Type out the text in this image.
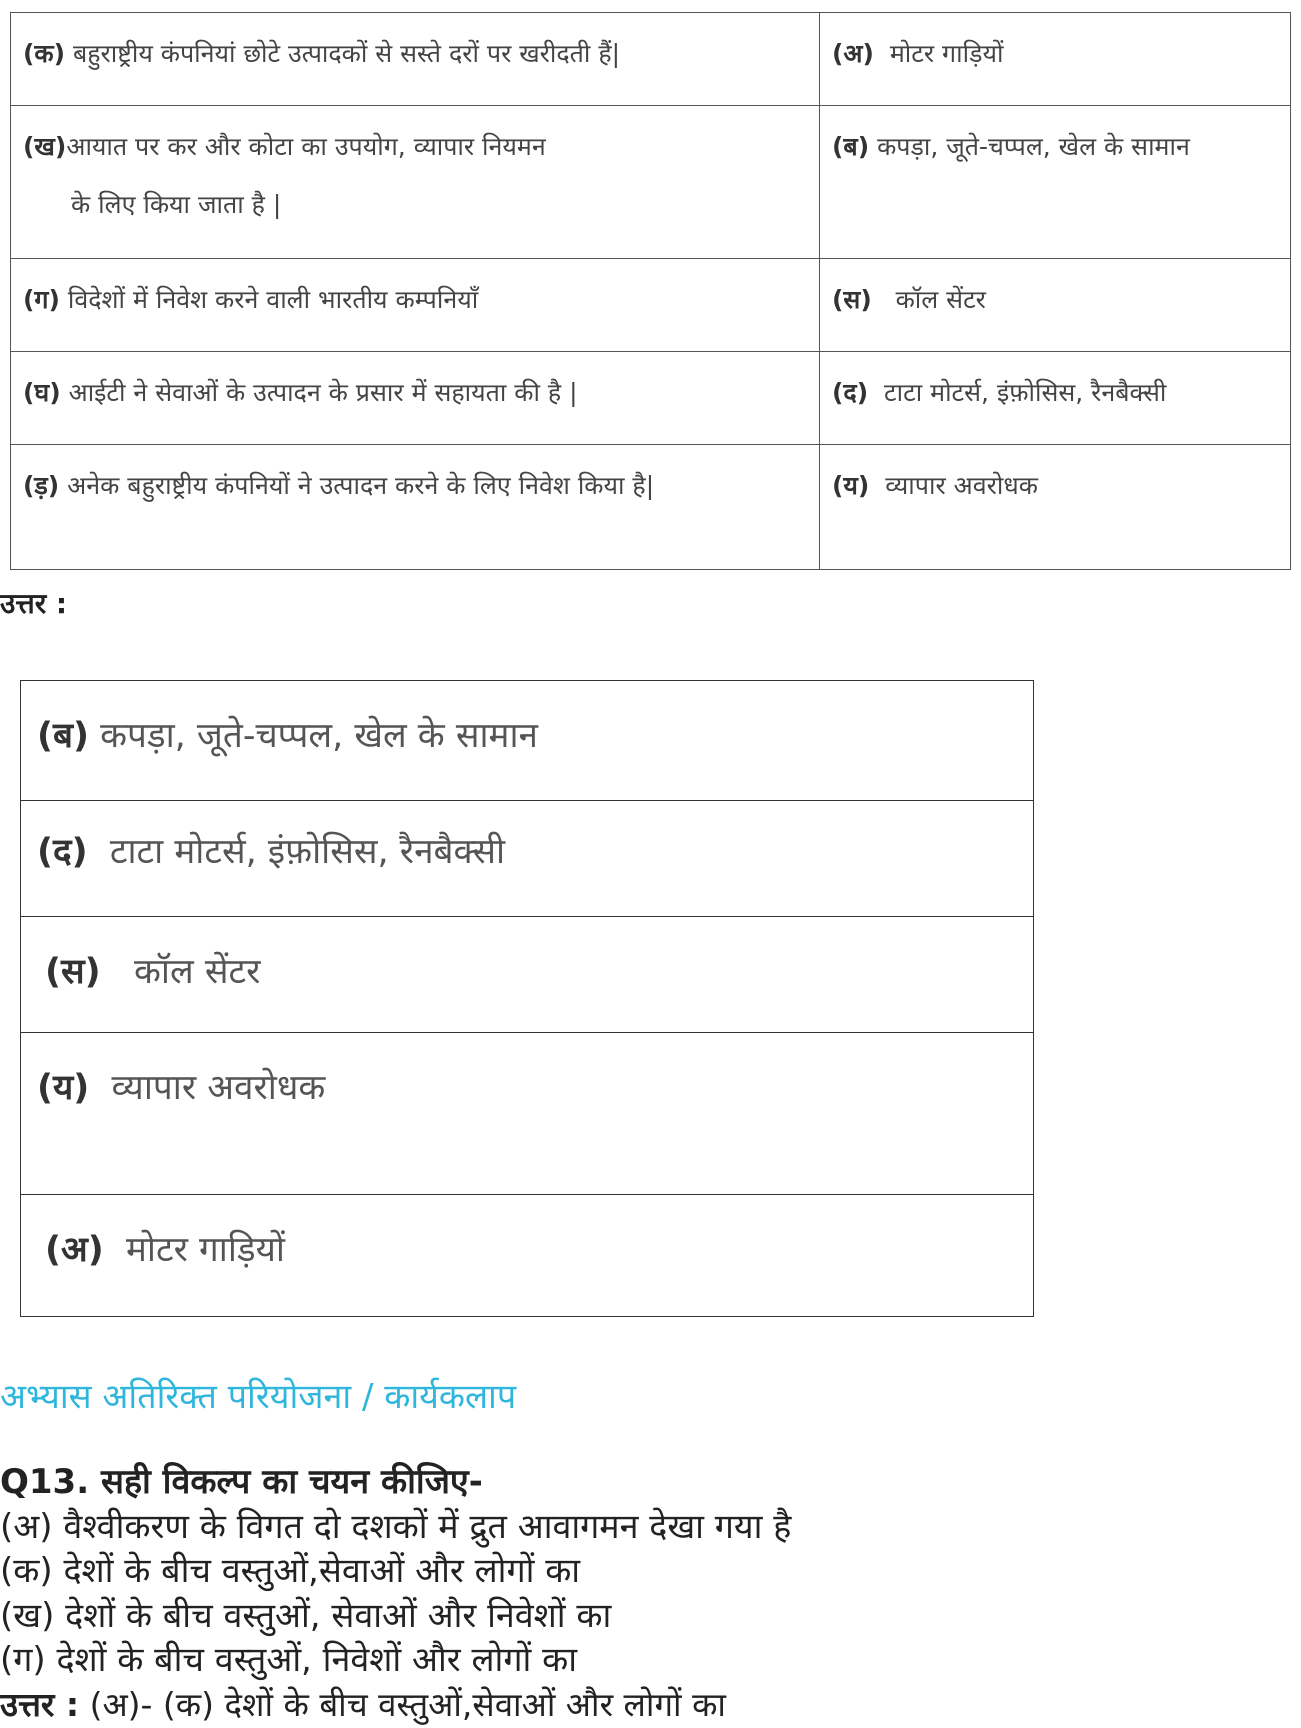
(क) बहुराष्ट्रीय कंपनियां छोटे उत्पादकों से सस्ते दरों पर खरीदती हैं|	(अ)  मोटर गाड़ियों
(ख)आयात पर कर और कोटा का उपयोग, व्यापार नियमन
के लिए किया जाता है |	(ब) कपड़ा, जूते-चप्पल, खेल के सामान
(ग) विदेशों में निवेश करने वाली भारतीय कम्पनियाँ	(स)   कॉल सेंटर
(घ) आईटी ने सेवाओं के उत्पादन के प्रसार में सहायता की है |	(द)  टाटा मोटर्स, इंफ़ोसिस, रैनबैक्सी
(ड़) अनेक बहुराष्ट्रीय कंपनियों ने उत्पादन करने के लिए निवेश किया है|	(य)  व्यापार अवरोधक
उत्तर :
(ब) कपड़ा, जूते-चप्पल, खेल के सामान
(द)  टाटा मोटर्स, इंफ़ोसिस, रैनबैक्सी
(स)   कॉल सेंटर
(य)  व्यापार अवरोधक
(अ)  मोटर गाड़ियों
अभ्यास अतिरिक्त परियोजना / कार्यकलाप
Q13. सही विकल्प का चयन कीजिए-
(अ) वैश्वीकरण के विगत दो दशकों में द्रुत आवागमन देखा गया है
(क) देशों के बीच वस्तुओं,सेवाओं और लोगों का
(ख) देशों के बीच वस्तुओं, सेवाओं और निवेशों का
(ग) देशों के बीच वस्तुओं, निवेशों और लोगों का
उत्तर : (अ)- (क) देशों के बीच वस्तुओं,सेवाओं और लोगों का
